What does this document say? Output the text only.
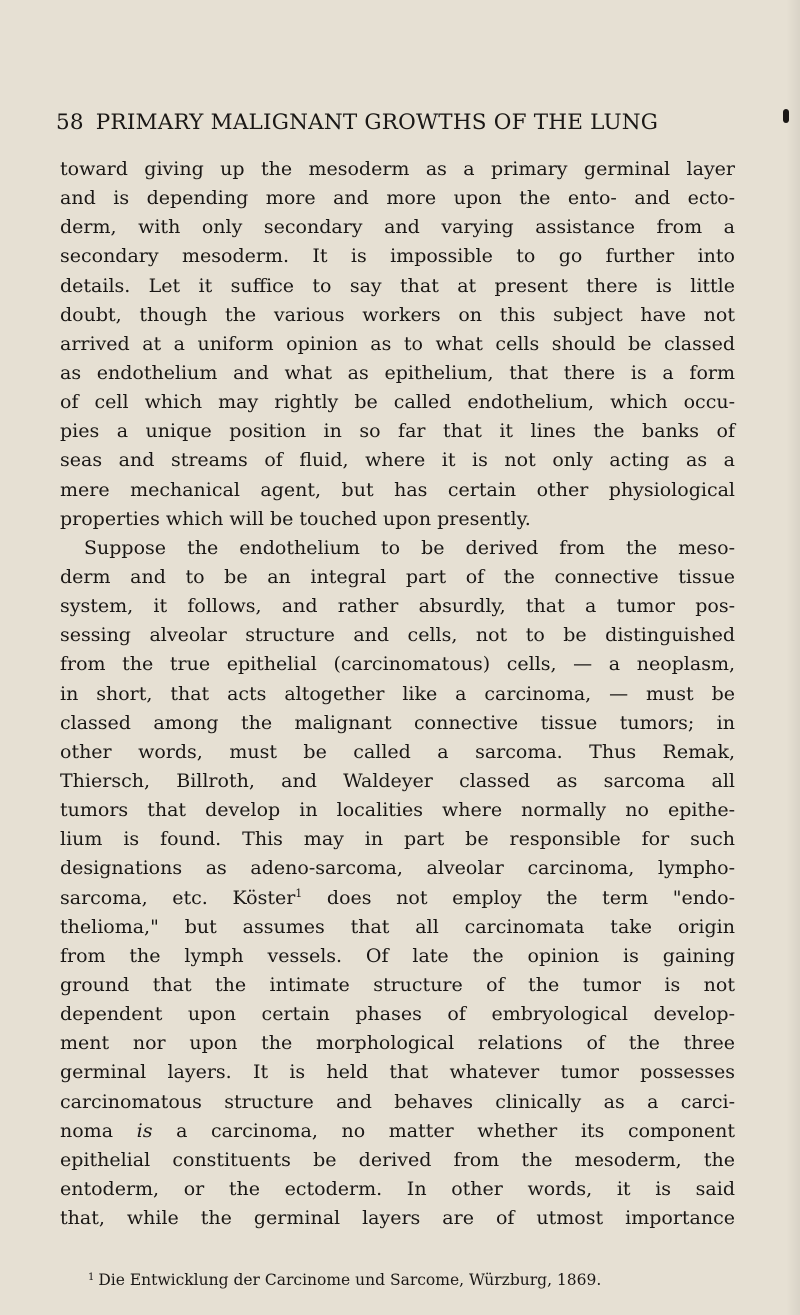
58 PRIMARY MALIGNANT GROWTHS OF THE LUNG
toward giving up the mesoderm as a primary germinal layer
and is depending more and more upon the ento- and ecto-
derm, with only secondary and varying assistance from a
secondary mesoderm. It is impossible to go further into
details. Let it suffice to say that at present there is little
doubt, though the various workers on this subject have not
arrived at a uniform opinion as to what cells should be classed
as endothelium and what as epithelium, that there is a form
of cell which may rightly be called endothelium, which occu-
pies a unique position in so far that it lines the banks of
seas and streams of fluid, where it is not only acting as a
mere mechanical agent, but has certain other physiological
properties which will be touched upon presently.
Suppose the endothelium to be derived from the meso-
derm and to be an integral part of the connective tissue
system, it follows, and rather absurdly, that a tumor pos-
sessing alveolar structure and cells, not to be distinguished
from the true epithelial (carcinomatous) cells, — a neoplasm,
in short, that acts altogether like a carcinoma, — must be
classed among the malignant connective tissue tumors; in
other words, must be called a sarcoma. Thus Remak,
Thiersch, Billroth, and Waldeyer classed as sarcoma all
tumors that develop in localities where normally no epithe-
lium is found. This may in part be responsible for such
designations as adeno-sarcoma, alveolar carcinoma, lympho-
sarcoma, etc. Köster$^1$ does not employ the term "endo-
thelioma," but assumes that all carcinomata take origin
from the lymph vessels. Of late the opinion is gaining
ground that the intimate structure of the tumor is not
dependent upon certain phases of embryological develop-
ment nor upon the morphological relations of the three
germinal layers. It is held that whatever tumor possesses
carcinomatous structure and behaves clinically as a carci-
noma is a carcinoma, no matter whether its component
epithelial constituents be derived from the mesoderm, the
entoderm, or the ectoderm. In other words, it is said
that, while the germinal layers are of utmost importance
$^1$ Die Entwicklung der Carcinome und Sarcome, Würzburg, 1869.
